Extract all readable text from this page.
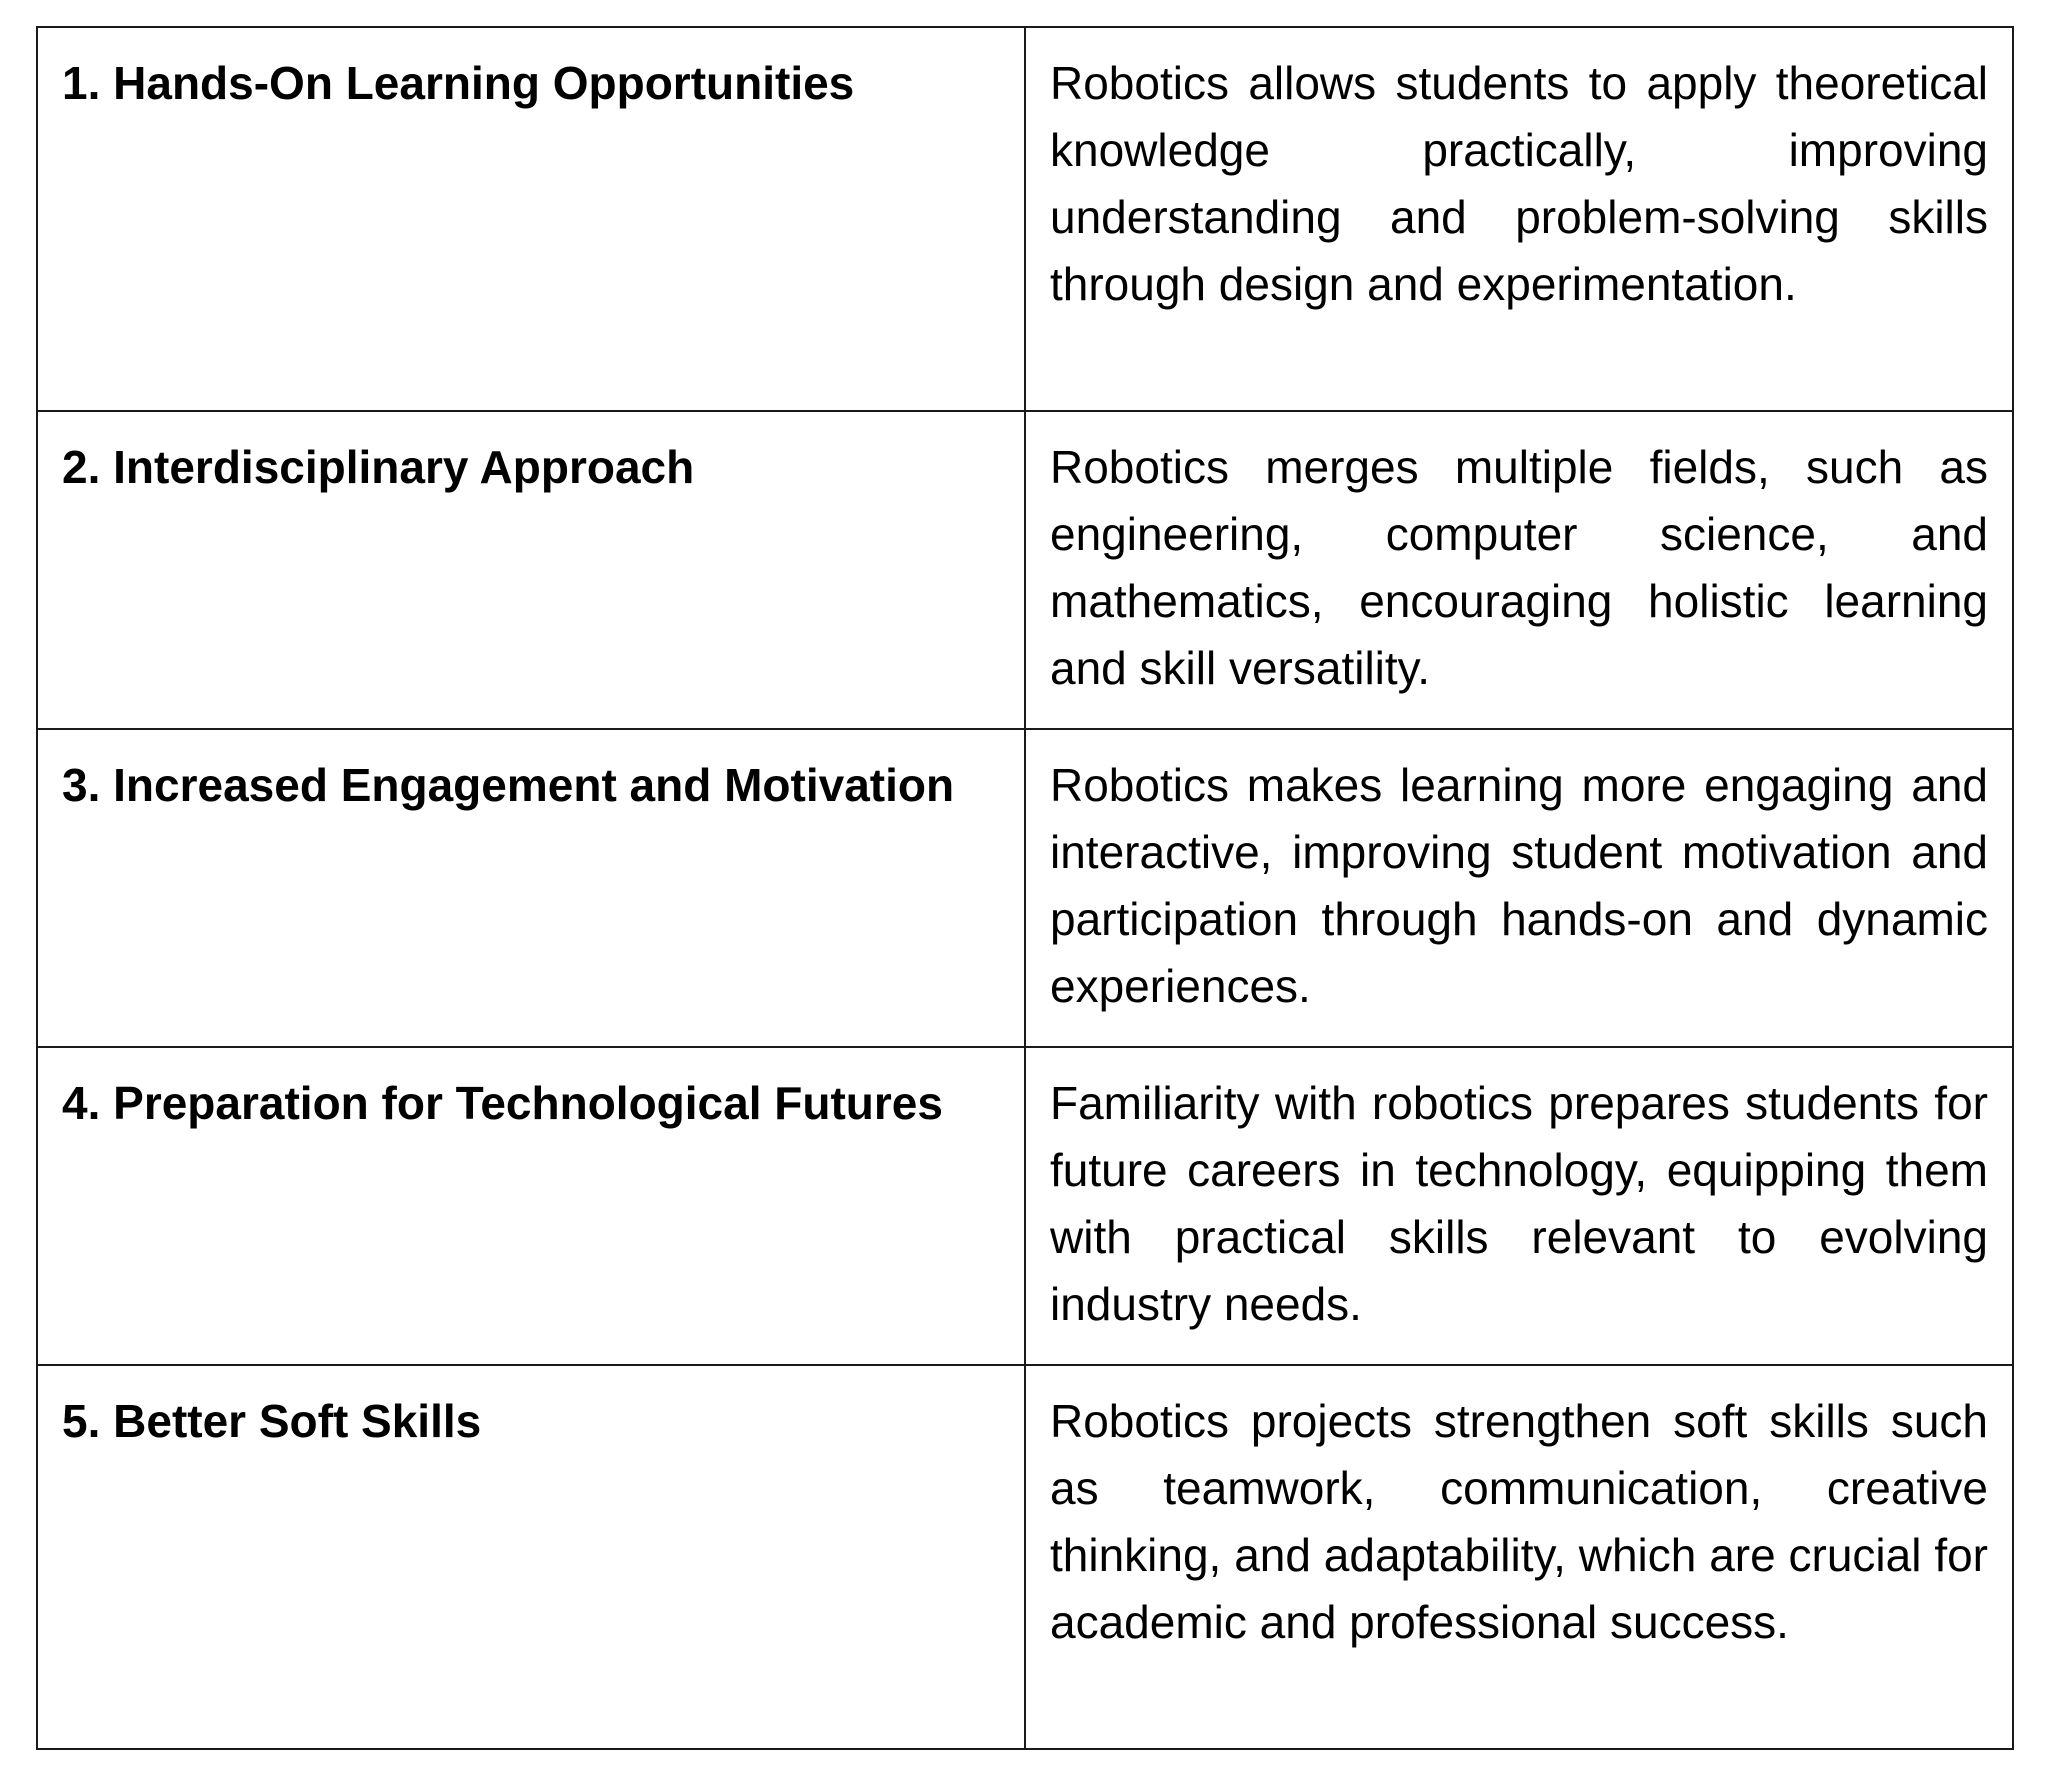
1. Hands-On Learning Opportunities	Robotics allows students to apply theoretical knowledge practically, improving understanding and problem-solving skills through design and experimentation.
2. Interdisciplinary Approach	Robotics merges multiple fields, such as engineering, computer science, and mathematics, encouraging holistic learning and skill versatility.
3. Increased Engagement and Motivation	Robotics makes learning more engaging and interactive, improving student motivation and participation through hands-on and dynamic experiences.
4. Preparation for Technological Futures	Familiarity with robotics prepares students for future careers in technology, equipping them with practical skills relevant to evolving industry needs.
5. Better Soft Skills	Robotics projects strengthen soft skills such as teamwork, communication, creative thinking, and adaptability, which are crucial for academic and professional success.
